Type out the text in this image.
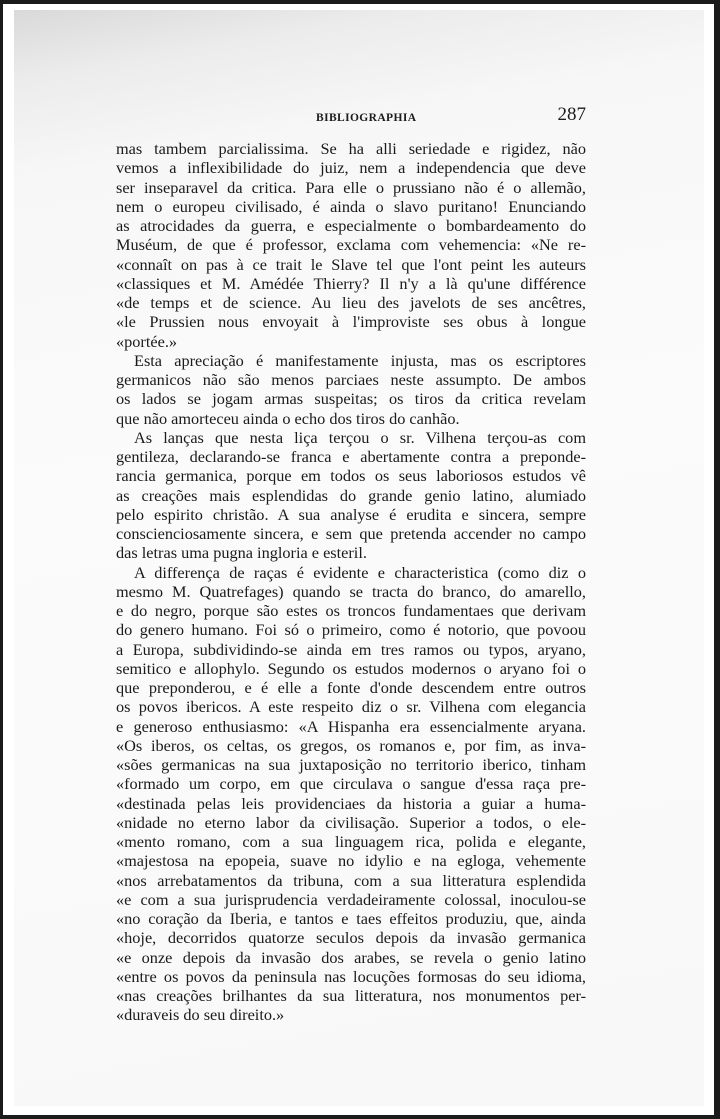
BIBLIOGRAPHIA	287
mas tambem parcialissima. Se ha alli seriedade e rigidez, não
vemos a inflexibilidade do juiz, nem a independencia que deve
ser inseparavel da critica. Para elle o prussiano não é o allemão,
nem o europeu civilisado, é ainda o slavo puritano! Enunciando
as atrocidades da guerra, e especialmente o bombardeamento do
Muséum, de que é professor, exclama com vehemencia: «Ne re-
«connaît on pas à ce trait le Slave tel que l'ont peint les auteurs
«classiques et M. Amédée Thierry? Il n'y a là qu'une différence
«de temps et de science. Au lieu des javelots de ses ancêtres,
«le Prussien nous envoyait à l'improviste ses obus à longue
«portée.»
Esta apreciação é manifestamente injusta, mas os escriptores
germanicos não são menos parciaes neste assumpto. De ambos
os lados se jogam armas suspeitas; os tiros da critica revelam
que não amorteceu ainda o echo dos tiros do canhão.
As lanças que nesta liça terçou o sr. Vilhena terçou-as com
gentileza, declarando-se franca e abertamente contra a preponde-
rancia germanica, porque em todos os seus laboriosos estudos vê
as creações mais esplendidas do grande genio latino, alumiado
pelo espirito christão. A sua analyse é erudita e sincera, sempre
conscienciosamente sincera, e sem que pretenda accender no campo
das letras uma pugna ingloria e esteril.
A differença de raças é evidente e characteristica (como diz o
mesmo M. Quatrefages) quando se tracta do branco, do amarello,
e do negro, porque são estes os troncos fundamentaes que derivam
do genero humano. Foi só o primeiro, como é notorio, que povoou
a Europa, subdividindo-se ainda em tres ramos ou typos, aryano,
semitico e allophylo. Segundo os estudos modernos o aryano foi o
que preponderou, e é elle a fonte d'onde descendem entre outros
os povos ibericos. A este respeito diz o sr. Vilhena com elegancia
e generoso enthusiasmo: «A Hispanha era essencialmente aryana.
«Os iberos, os celtas, os gregos, os romanos e, por fim, as inva-
«sões germanicas na sua juxtaposição no territorio iberico, tinham
«formado um corpo, em que circulava o sangue d'essa raça pre-
«destinada pelas leis providenciaes da historia a guiar a huma-
«nidade no eterno labor da civilisação. Superior a todos, o ele-
«mento romano, com a sua linguagem rica, polida e elegante,
«majestosa na epopeia, suave no idylio e na egloga, vehemente
«nos arrebatamentos da tribuna, com a sua litteratura esplendida
«e com a sua jurisprudencia verdadeiramente colossal, inoculou-se
«no coração da Iberia, e tantos e taes effeitos produziu, que, ainda
«hoje, decorridos quatorze seculos depois da invasão germanica
«e onze depois da invasão dos arabes, se revela o genio latino
«entre os povos da peninsula nas locuções formosas do seu idioma,
«nas creações brilhantes da sua litteratura, nos monumentos per-
«duraveis do seu direito.»
